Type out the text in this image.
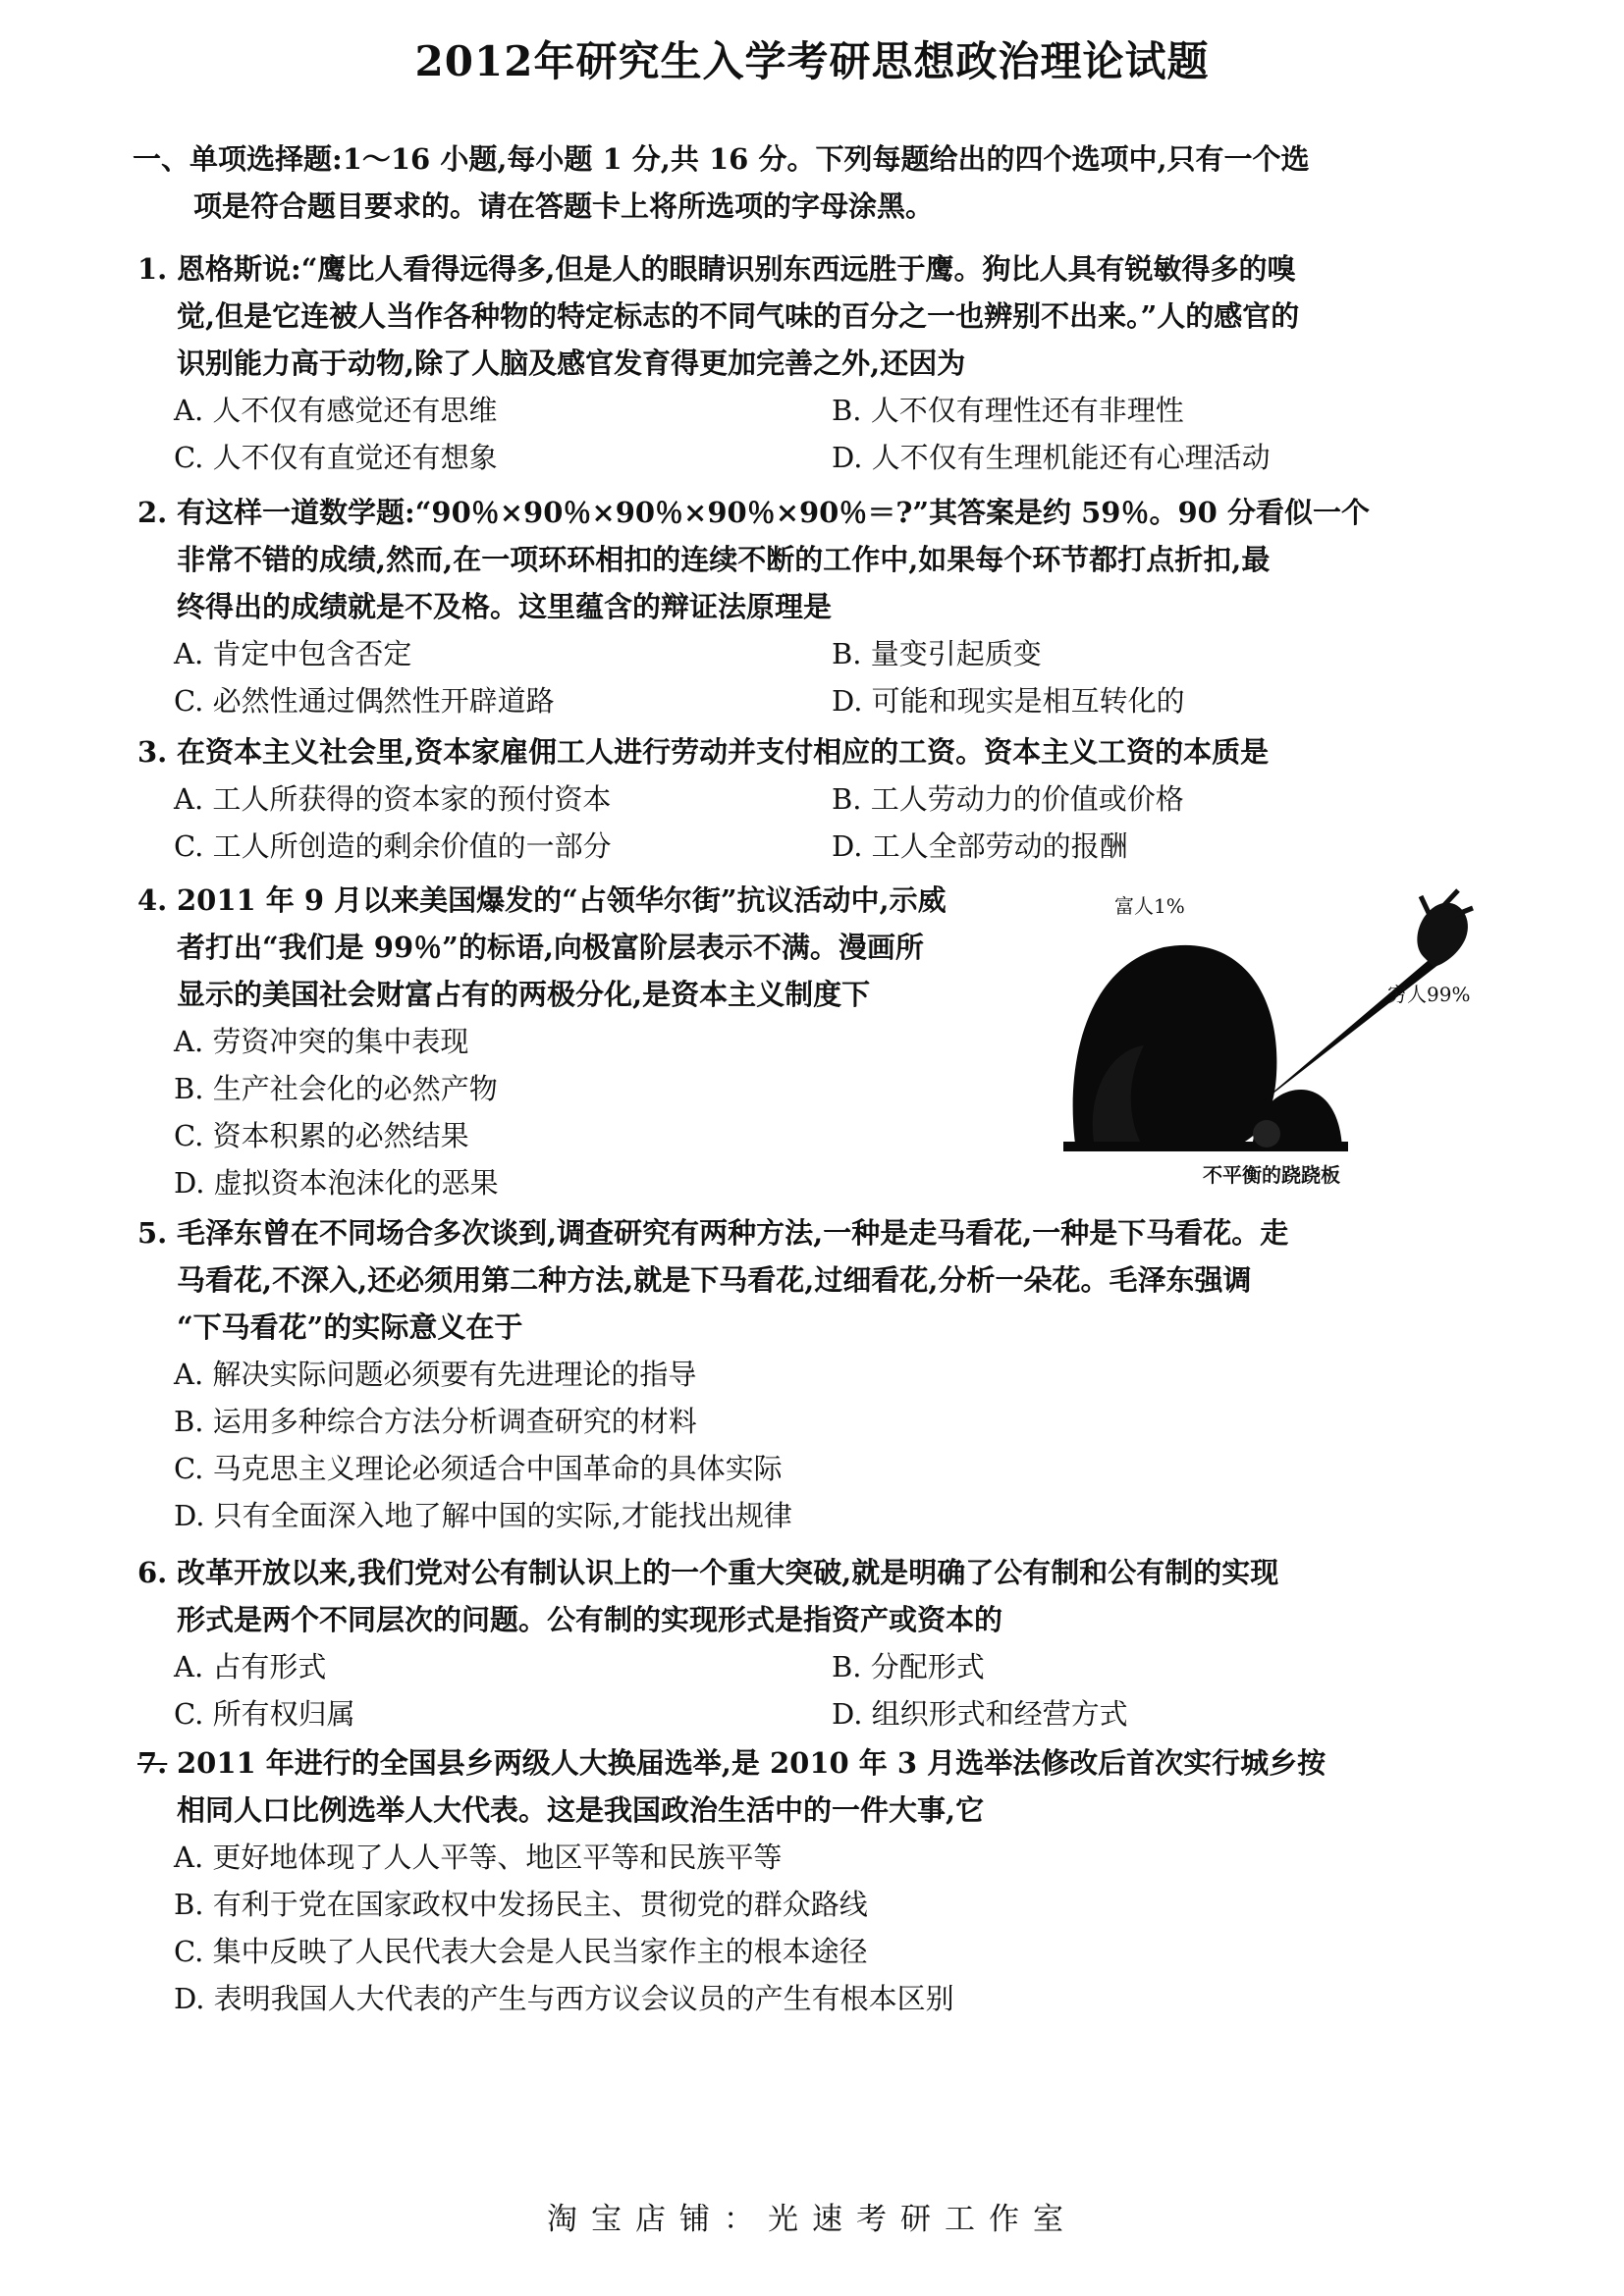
2012年研究生入学考研思想政治理论试题
一、单项选择题:1～16 小题,每小题 1 分,共 16 分。下列每题给出的四个选项中,只有一个选
项是符合题目要求的。请在答题卡上将所选项的字母涂黑。
1. 恩格斯说:“鹰比人看得远得多,但是人的眼睛识别东西远胜于鹰。狗比人具有锐敏得多的嗅
觉,但是它连被人当作各种物的特定标志的不同气味的百分之一也辨别不出来。”人的感官的
识别能力高于动物,除了人脑及感官发育得更加完善之外,还因为
A. 人不仅有感觉还有思维	B. 人不仅有理性还有非理性
C. 人不仅有直觉还有想象	D. 人不仅有生理机能还有心理活动
2. 有这样一道数学题:“90％×90％×90％×90％×90％＝?”其答案是约 59％。90 分看似一个
非常不错的成绩,然而,在一项环环相扣的连续不断的工作中,如果每个环节都打点折扣,最
终得出的成绩就是不及格。这里蕴含的辩证法原理是
A. 肯定中包含否定	B. 量变引起质变
C. 必然性通过偶然性开辟道路	D. 可能和现实是相互转化的
3. 在资本主义社会里,资本家雇佣工人进行劳动并支付相应的工资。资本主义工资的本质是
A. 工人所获得的资本家的预付资本	B. 工人劳动力的价值或价格
C. 工人所创造的剩余价值的一部分	D. 工人全部劳动的报酬
4. 2011 年 9 月以来美国爆发的“占领华尔街”抗议活动中,示威
者打出“我们是 99％”的标语,向极富阶层表示不满。漫画所
显示的美国社会财富占有的两极分化,是资本主义制度下
A. 劳资冲突的集中表现
B. 生产社会化的必然产物
C. 资本积累的必然结果
D. 虚拟资本泡沫化的恶果
富人1%
穷人99%
不平衡的跷跷板
5. 毛泽东曾在不同场合多次谈到,调查研究有两种方法,一种是走马看花,一种是下马看花。走
马看花,不深入,还必须用第二种方法,就是下马看花,过细看花,分析一朵花。毛泽东强调
“下马看花”的实际意义在于
A. 解决实际问题必须要有先进理论的指导
B. 运用多种综合方法分析调查研究的材料
C. 马克思主义理论必须适合中国革命的具体实际
D. 只有全面深入地了解中国的实际,才能找出规律
6. 改革开放以来,我们党对公有制认识上的一个重大突破,就是明确了公有制和公有制的实现
形式是两个不同层次的问题。公有制的实现形式是指资产或资本的
A. 占有形式	B. 分配形式
C. 所有权归属	D. 组织形式和经营方式
7. 2011 年进行的全国县乡两级人大换届选举,是 2010 年 3 月选举法修改后首次实行城乡按
相同人口比例选举人大代表。这是我国政治生活中的一件大事,它
A. 更好地体现了人人平等、地区平等和民族平等
B. 有利于党在国家政权中发扬民主、贯彻党的群众路线
C. 集中反映了人民代表大会是人民当家作主的根本途径
D. 表明我国人大代表的产生与西方议会议员的产生有根本区别
淘宝店铺：光速考研工作室
